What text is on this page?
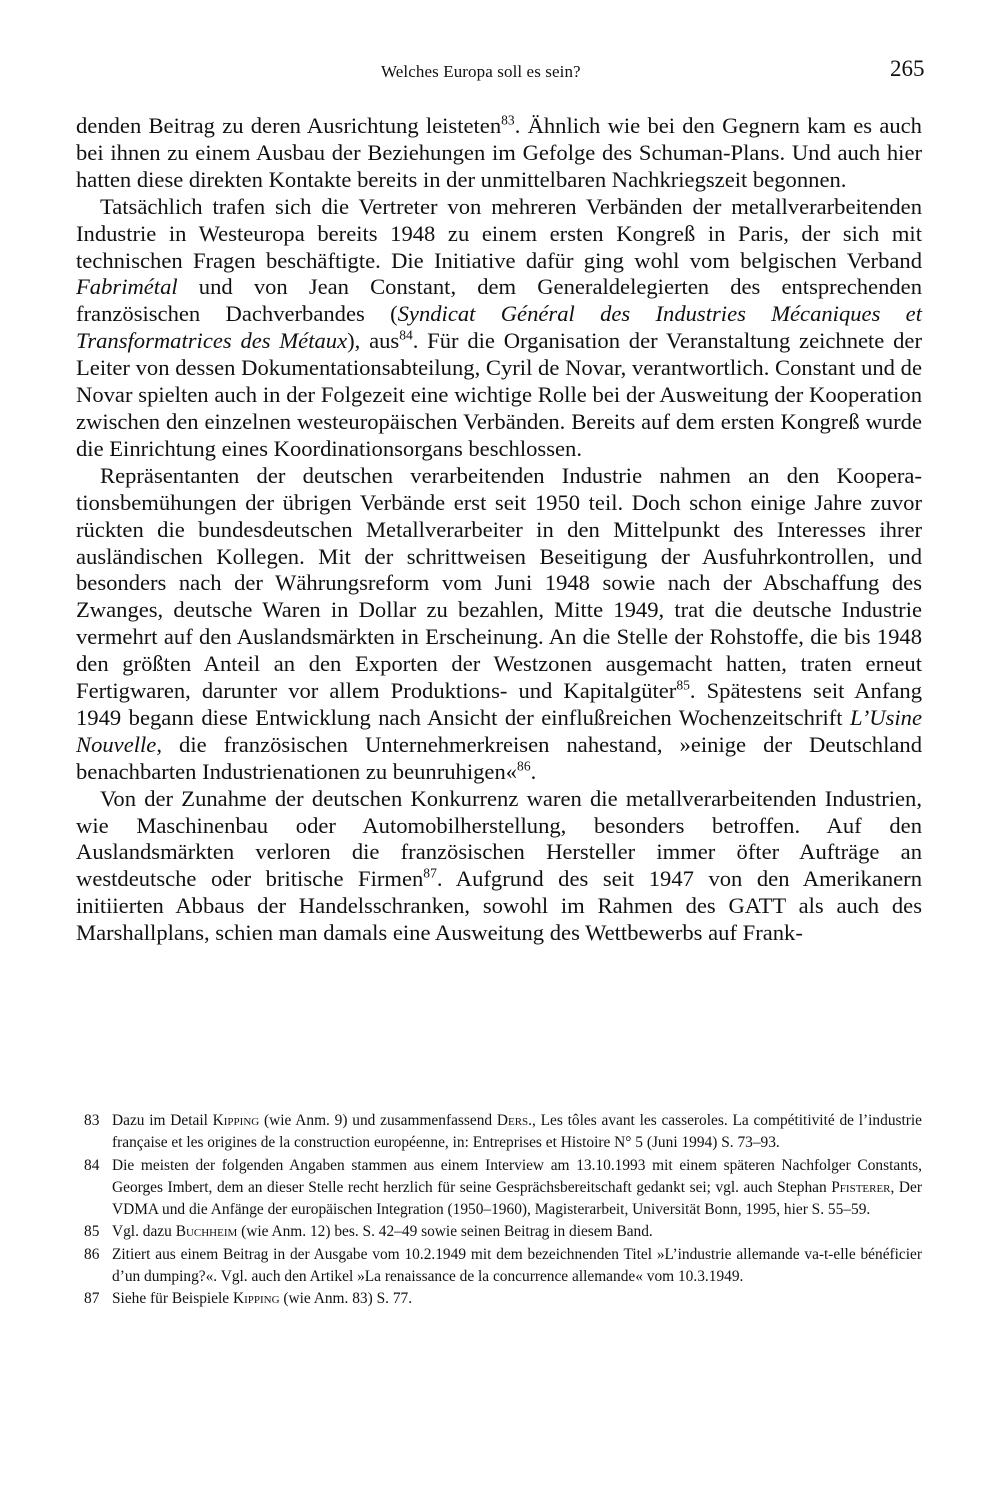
Welches Europa soll es sein?	265

denden Beitrag zu deren Ausrichtung leisteten$^{83}$. Ähnlich wie bei den Gegnern kam es auch bei ihnen zu einem Ausbau der Beziehungen im Gefolge des Schuman-Plans. Und auch hier hatten diese direkten Kontakte bereits in der unmittelbaren Nachkriegszeit begonnen.

Tatsächlich trafen sich die Vertreter von mehreren Verbänden der metallverarbeitenden Industrie in Westeuropa bereits 1948 zu einem ersten Kongreß in Paris, der sich mit technischen Fragen beschäftigte. Die Initiative dafür ging wohl vom belgischen Verband Fabrimétal und von Jean Constant, dem Generaldelegierten des entsprechenden französischen Dachverbandes (Syndicat Général des Industries Mécaniques et Transformatrices des Métaux), aus$^{84}$. Für die Organisation der Veranstaltung zeichnete der Leiter von dessen Dokumentationsabteilung, Cyril de Novar, verantwortlich. Constant und de Novar spielten auch in der Folgezeit eine wichtige Rolle bei der Ausweitung der Kooperation zwischen den einzelnen westeuropäischen Verbänden. Bereits auf dem ersten Kongreß wurde die Einrichtung eines Koordinationsorgans beschlossen.

Repräsentanten der deutschen verarbeitenden Industrie nahmen an den Kooperationsbemühungen der übrigen Verbände erst seit 1950 teil. Doch schon einige Jahre zuvor rückten die bundesdeutschen Metallverarbeiter in den Mittelpunkt des Interesses ihrer ausländischen Kollegen. Mit der schrittweisen Beseitigung der Ausfuhrkontrollen, und besonders nach der Währungsreform vom Juni 1948 sowie nach der Abschaffung des Zwanges, deutsche Waren in Dollar zu bezahlen, Mitte 1949, trat die deutsche Industrie vermehrt auf den Auslandsmärkten in Erscheinung. An die Stelle der Rohstoffe, die bis 1948 den größten Anteil an den Exporten der Westzonen ausgemacht hatten, traten erneut Fertigwaren, darunter vor allem Produktions- und Kapitalgüter$^{85}$. Spätestens seit Anfang 1949 begann diese Entwicklung nach Ansicht der einflußreichen Wochenzeitschrift L’Usine Nouvelle, die französischen Unternehmerkreisen nahestand, »einige der Deutschland benachbarten Industrienationen zu beunruhigen«$^{86}$.

Von der Zunahme der deutschen Konkurrenz waren die metallverarbeitenden Industrien, wie Maschinenbau oder Automobilherstellung, besonders betroffen. Auf den Auslandsmärkten verloren die französischen Hersteller immer öfter Aufträge an westdeutsche oder britische Firmen$^{87}$. Aufgrund des seit 1947 von den Amerikanern initiierten Abbaus der Handelsschranken, sowohl im Rahmen des GATT als auch des Marshallplans, schien man damals eine Ausweitung des Wettbewerbs auf Frank-

83 Dazu im Detail Kipping (wie Anm. 9) und zusammenfassend Ders., Les tôles avant les casseroles. La compétitivité de l’industrie française et les origines de la construction européenne, in: Entreprises et Histoire N° 5 (Juni 1994) S. 73–93.
84 Die meisten der folgenden Angaben stammen aus einem Interview am 13.10.1993 mit einem späteren Nachfolger Constants, Georges Imbert, dem an dieser Stelle recht herzlich für seine Gesprächsbereitschaft gedankt sei; vgl. auch Stephan Pfisterer, Der VDMA und die Anfänge der europäischen Integration (1950–1960), Magisterarbeit, Universität Bonn, 1995, hier S. 55–59.
85 Vgl. dazu Buchheim (wie Anm. 12) bes. S. 42–49 sowie seinen Beitrag in diesem Band.
86 Zitiert aus einem Beitrag in der Ausgabe vom 10.2.1949 mit dem bezeichnenden Titel »L’industrie allemande va-t-elle bénéficier d’un dumping?«. Vgl. auch den Artikel »La renaissance de la concurrence allemande« vom 10.3.1949.
87 Siehe für Beispiele Kipping (wie Anm. 83) S. 77.
